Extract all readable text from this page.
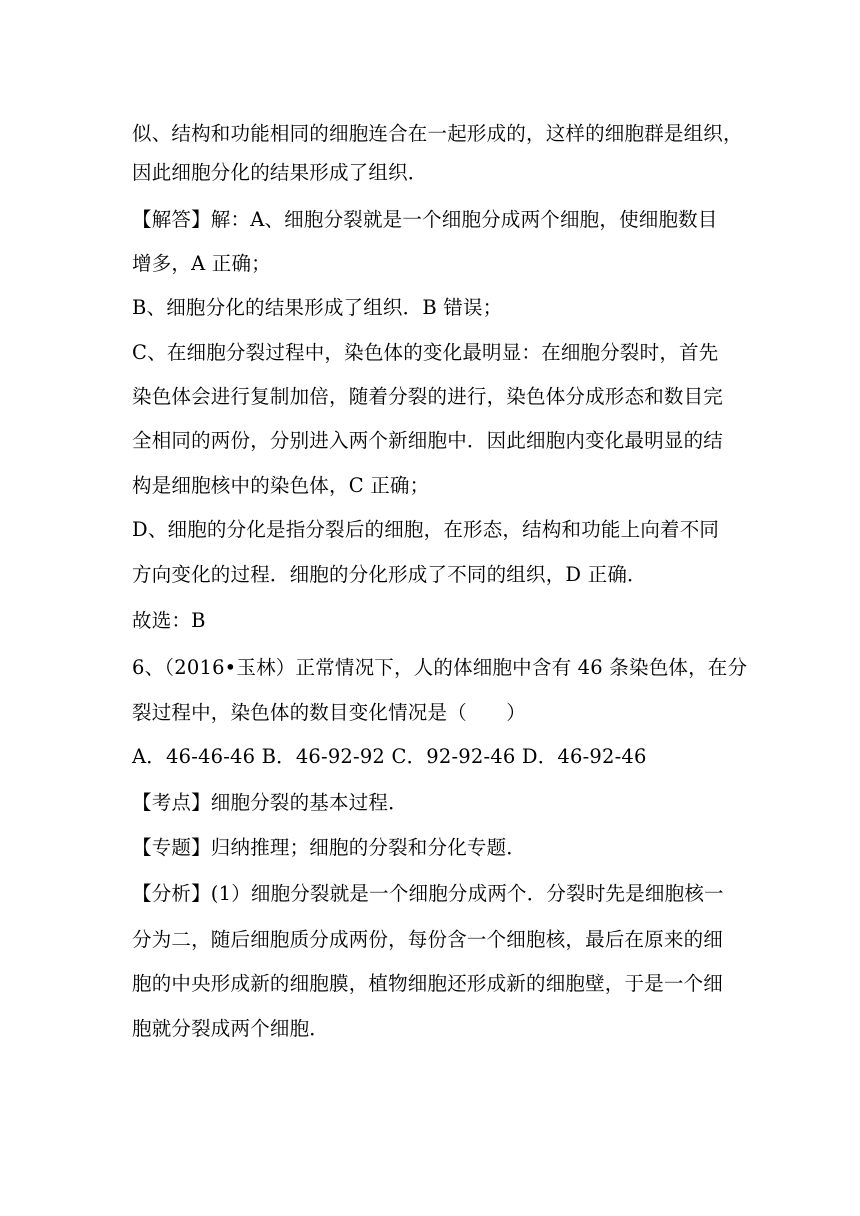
似、结构和功能相同的细胞连合在一起形成的，这样的细胞群是组织，
因此细胞分化的结果形成了组织．
【解答】解：A、细胞分裂就是一个细胞分成两个细胞，使细胞数目
增多，A 正确；
B、细胞分化的结果形成了组织．B 错误；
C、在细胞分裂过程中，染色体的变化最明显：在细胞分裂时，首先
染色体会进行复制加倍，随着分裂的进行，染色体分成形态和数目完
全相同的两份，分别进入两个新细胞中．因此细胞内变化最明显的结
构是细胞核中的染色体，C 正确；
D、细胞的分化是指分裂后的细胞，在形态，结构和功能上向着不同
方向变化的过程．细胞的分化形成了不同的组织，D 正确．
故选：B
6、（2016•玉林）正常情况下，人的体细胞中含有 46 条染色体，在分
裂过程中，染色体的数目变化情况是（　　）
A．46-46-46 B．46-92-92 C．92-92-46 D．46-92-46
【考点】细胞分裂的基本过程．
【专题】归纳推理；细胞的分裂和分化专题．
【分析】(1）细胞分裂就是一个细胞分成两个．分裂时先是细胞核一
分为二，随后细胞质分成两份，每份含一个细胞核，最后在原来的细
胞的中央形成新的细胞膜，植物细胞还形成新的细胞壁，于是一个细
胞就分裂成两个细胞．
